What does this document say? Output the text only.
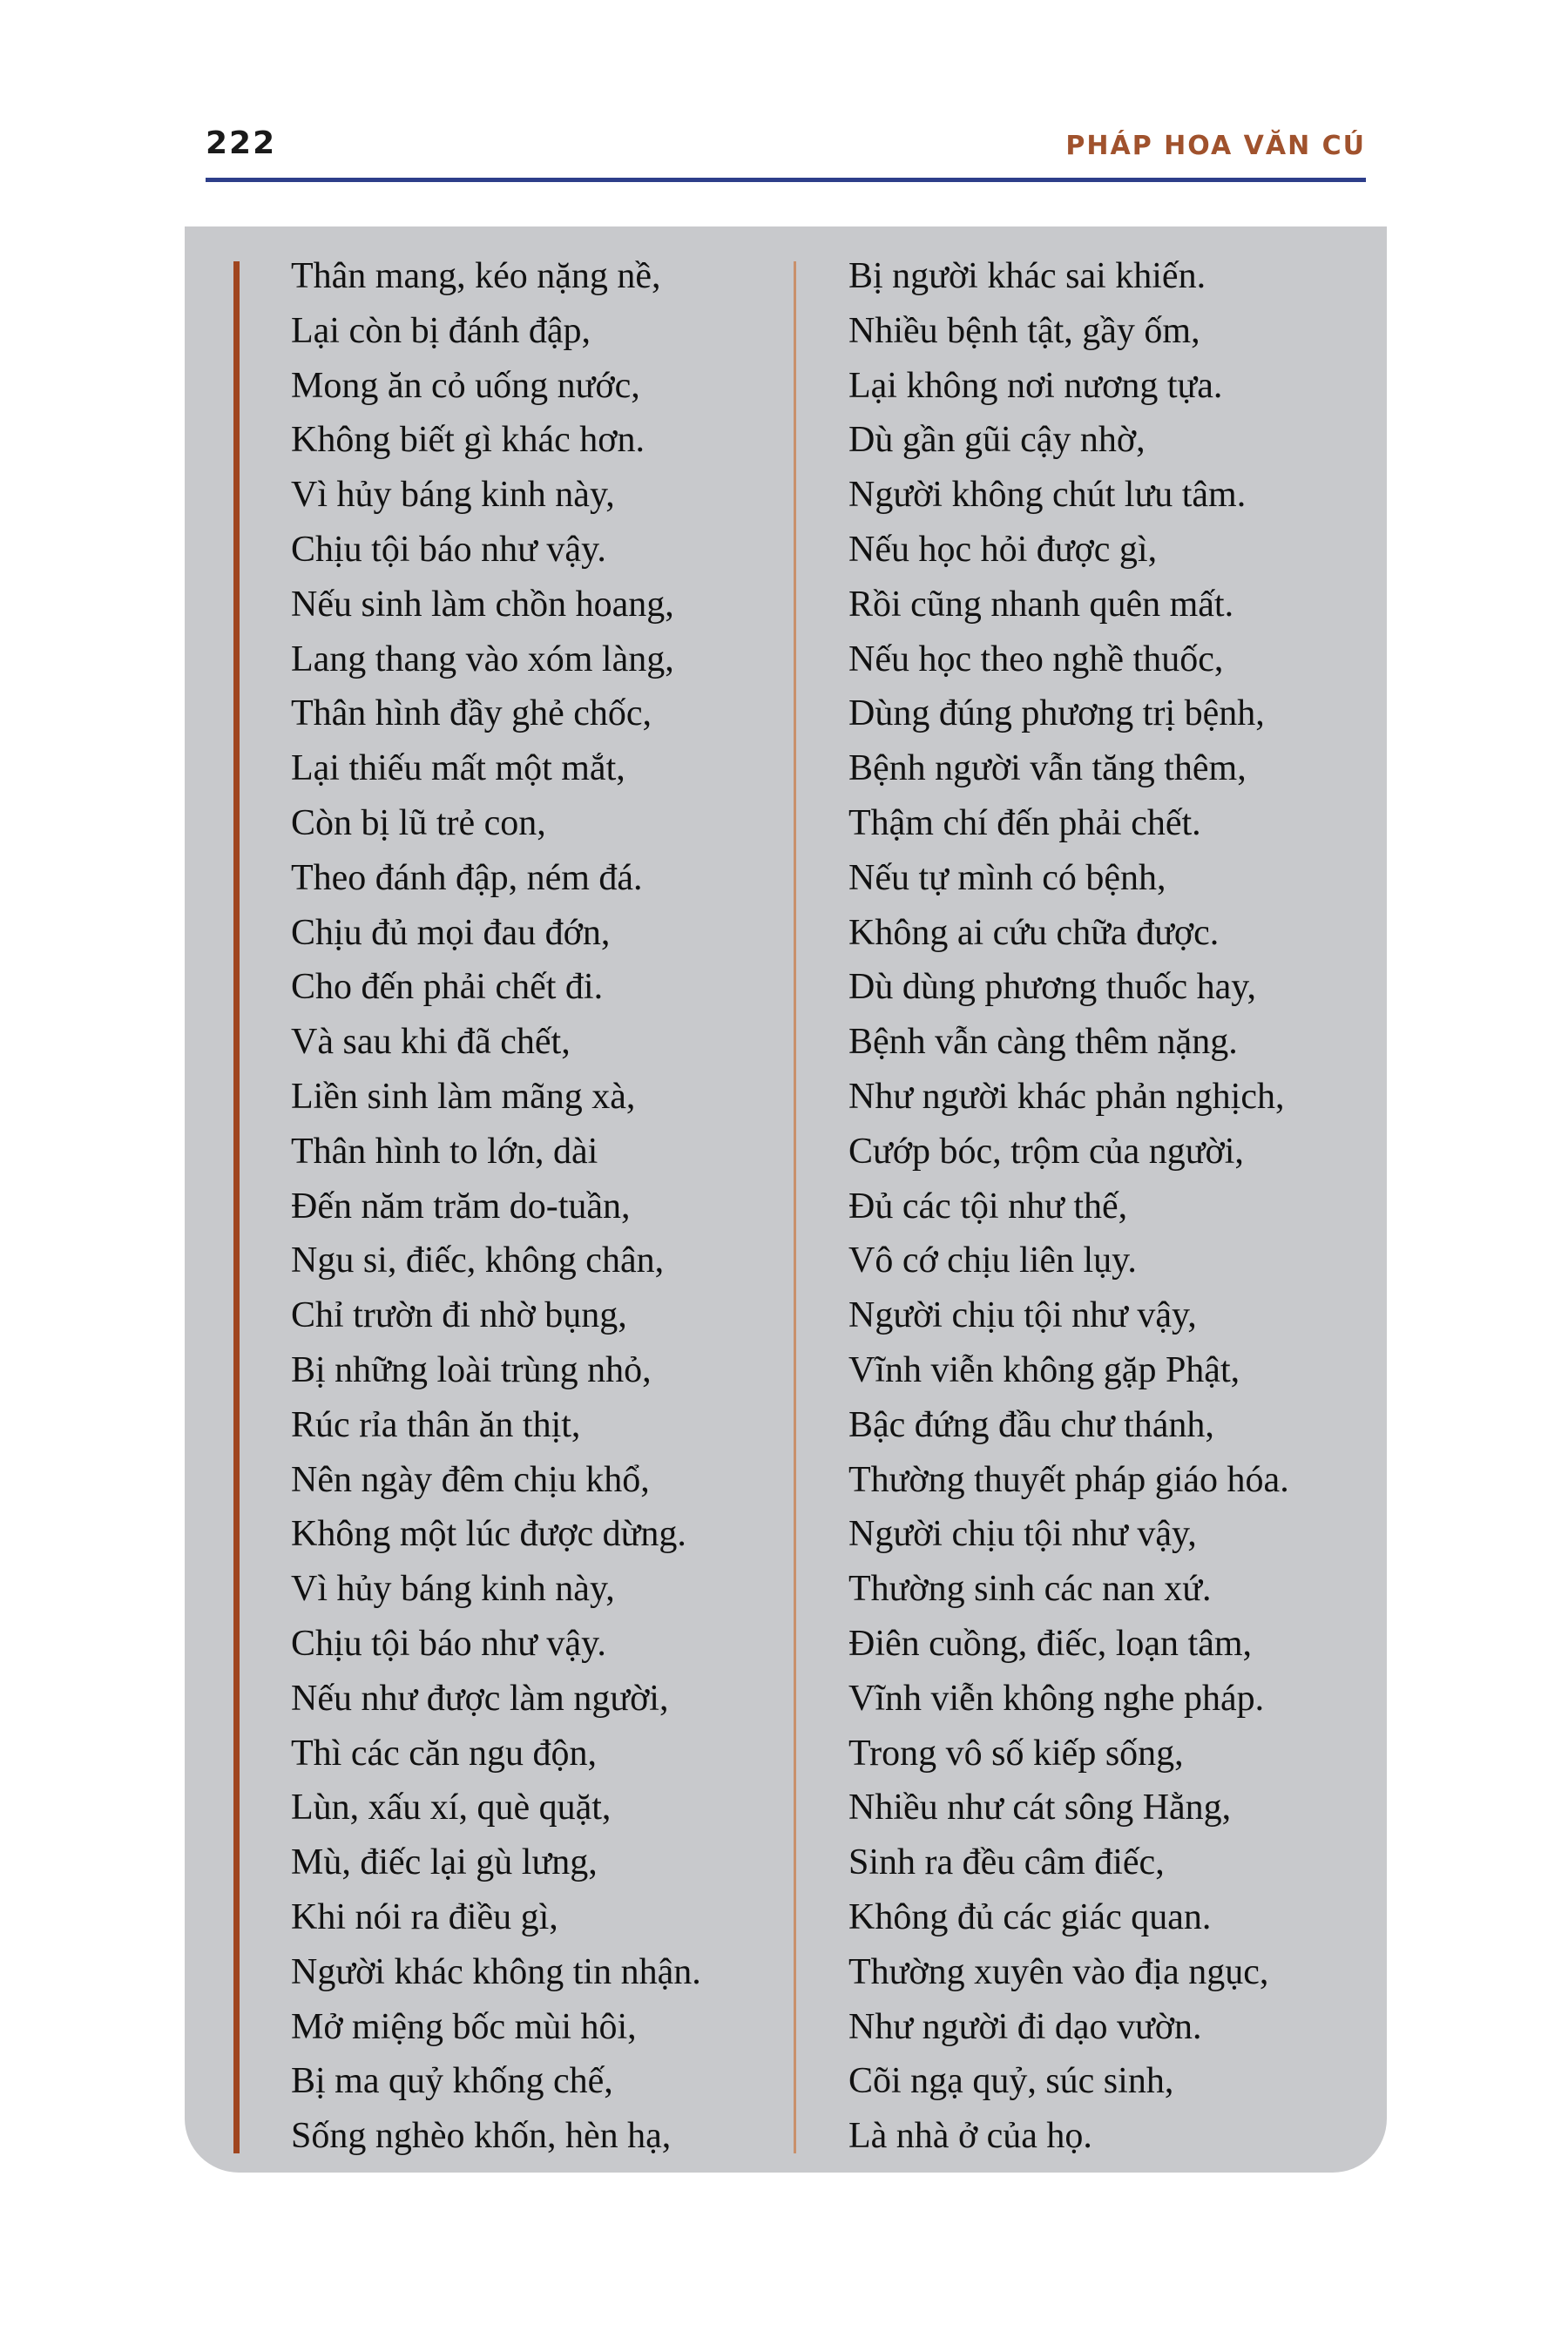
222	PHÁP HOA VĂN CÚ
Thân mang, kéo nặng nề,
Lại còn bị đánh đập,
Mong ăn cỏ uống nước,
Không biết gì khác hơn.
Vì hủy báng kinh này,
Chịu tội báo như vậy.
Nếu sinh làm chồn hoang,
Lang thang vào xóm làng,
Thân hình đầy ghẻ chốc,
Lại thiếu mất một mắt,
Còn bị lũ trẻ con,
Theo đánh đập, ném đá.
Chịu đủ mọi đau đớn,
Cho đến phải chết đi.
Và sau khi đã chết,
Liền sinh làm mãng xà,
Thân hình to lớn, dài
Đến năm trăm do-tuần,
Ngu si, điếc, không chân,
Chỉ trườn đi nhờ bụng,
Bị những loài trùng nhỏ,
Rúc rỉa thân ăn thịt,
Nên ngày đêm chịu khổ,
Không một lúc được dừng.
Vì hủy báng kinh này,
Chịu tội báo như vậy.
Nếu như được làm người,
Thì các căn ngu độn,
Lùn, xấu xí, què quặt,
Mù, điếc lại gù lưng,
Khi nói ra điều gì,
Người khác không tin nhận.
Mở miệng bốc mùi hôi,
Bị ma quỷ khống chế,
Sống nghèo khốn, hèn hạ,
Bị người khác sai khiến.
Nhiều bệnh tật, gầy ốm,
Lại không nơi nương tựa.
Dù gần gũi cậy nhờ,
Người không chút lưu tâm.
Nếu học hỏi được gì,
Rồi cũng nhanh quên mất.
Nếu học theo nghề thuốc,
Dùng đúng phương trị bệnh,
Bệnh người vẫn tăng thêm,
Thậm chí đến phải chết.
Nếu tự mình có bệnh,
Không ai cứu chữa được.
Dù dùng phương thuốc hay,
Bệnh vẫn càng thêm nặng.
Như người khác phản nghịch,
Cướp bóc, trộm của người,
Đủ các tội như thế,
Vô cớ chịu liên lụy.
Người chịu tội như vậy,
Vĩnh viễn không gặp Phật,
Bậc đứng đầu chư thánh,
Thường thuyết pháp giáo hóa.
Người chịu tội như vậy,
Thường sinh các nan xứ.
Điên cuồng, điếc, loạn tâm,
Vĩnh viễn không nghe pháp.
Trong vô số kiếp sống,
Nhiều như cát sông Hằng,
Sinh ra đều câm điếc,
Không đủ các giác quan.
Thường xuyên vào địa ngục,
Như người đi dạo vườn.
Cõi ngạ quỷ, súc sinh,
Là nhà ở của họ.
